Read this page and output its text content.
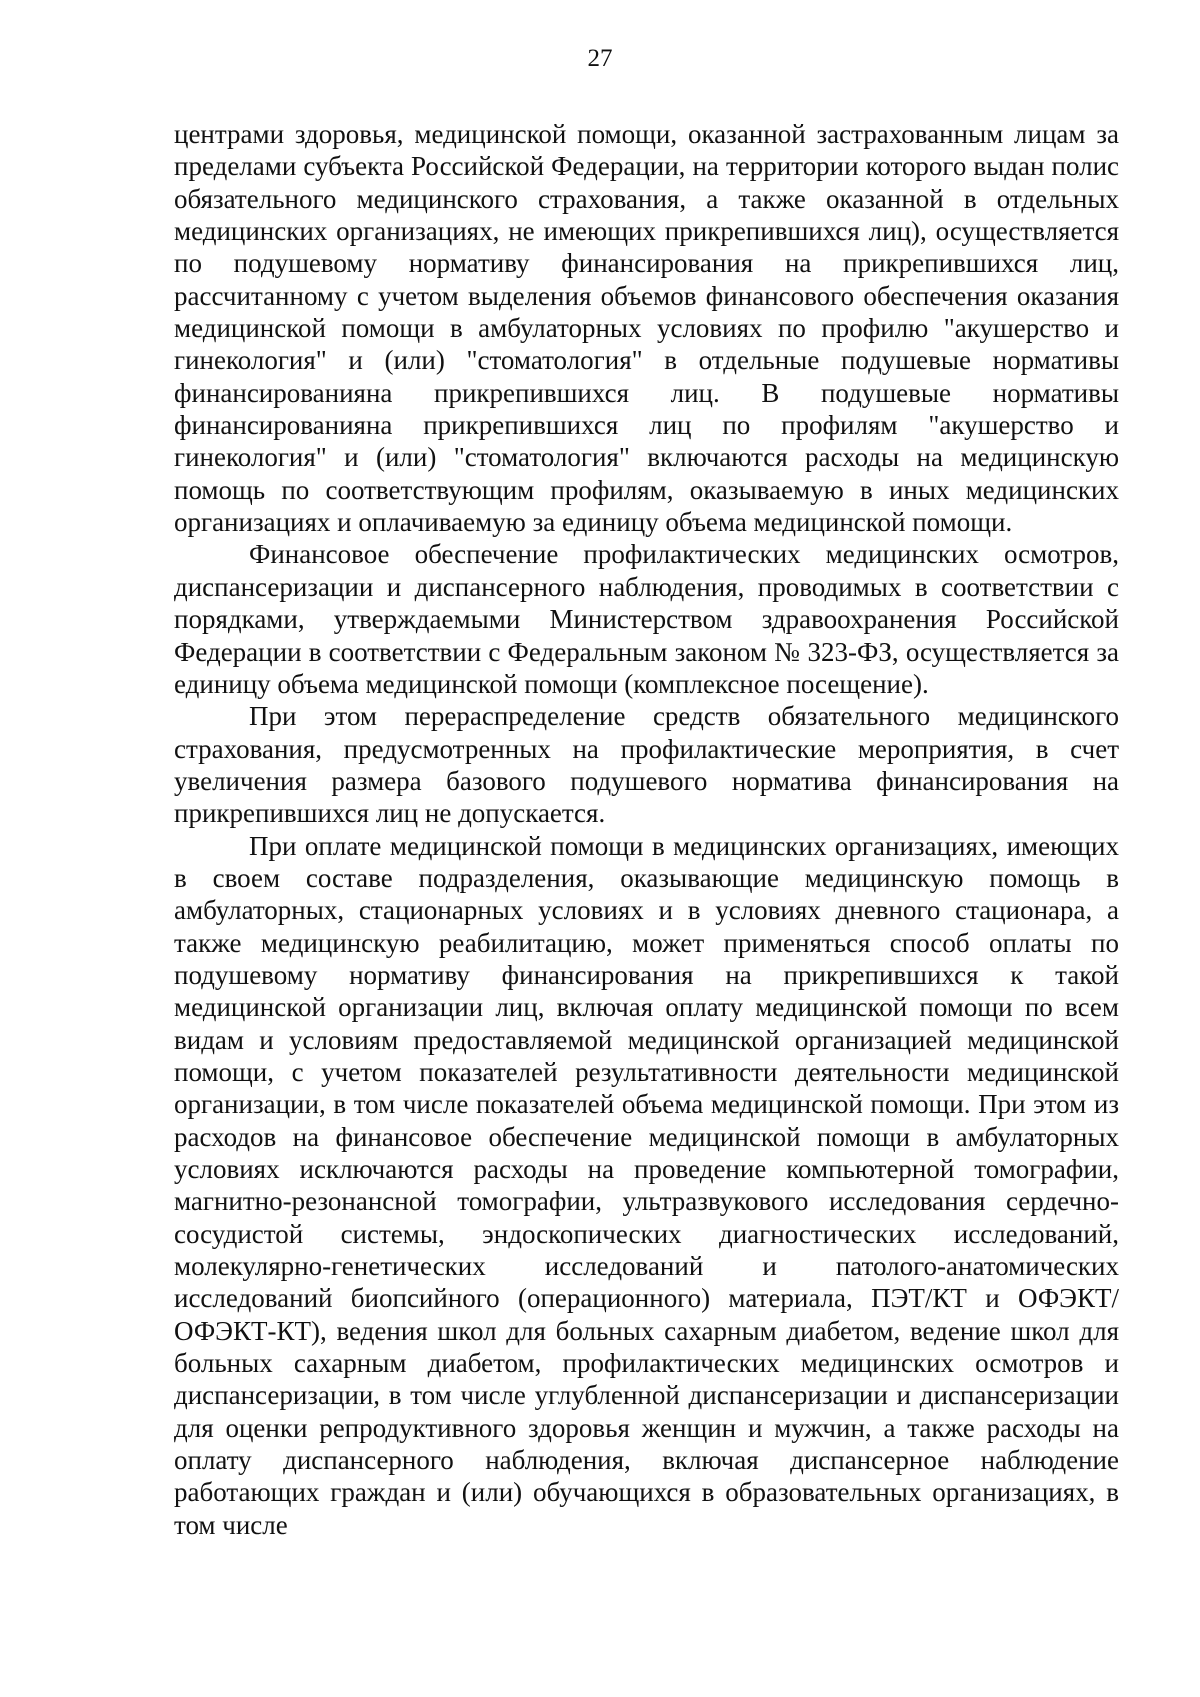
27

центрами здоровья, медицинской помощи, оказанной застрахованным лицам за пределами субъекта Российской Федерации, на территории которого выдан полис обязательного медицинского страхования, а также оказанной в отдельных медицинских организациях, не имеющих прикрепившихся лиц), осуществляется по подушевому нормативу финансирования на прикрепившихся лиц, рассчитанному с учетом выделения объемов финансового обеспечения оказания медицинской помощи в амбулаторных условиях по профилю "акушерство и гинекология" и (или) "стоматология" в отдельные подушевые нормативы финансированияна прикрепившихся лиц. В подушевые нормативы финансированияна прикрепившихся лиц по профилям "акушерство и гинекология" и (или) "стоматология" включаются расходы на медицинскую помощь по соответствующим профилям, оказываемую в иных медицинских организациях и оплачиваемую за единицу объема медицинской помощи.

Финансовое обеспечение профилактических медицинских осмотров, диспансеризации и диспансерного наблюдения, проводимых в соответствии с порядками, утверждаемыми Министерством здравоохранения Российской Федерации в соответствии с Федеральным законом № 323-ФЗ, осуществляется за единицу объема медицинской помощи (комплексное посещение).

При этом перераспределение средств обязательного медицинского страхования, предусмотренных на профилактические мероприятия, в счет увеличения размера базового подушевого норматива финансирования на прикрепившихся лиц не допускается.

При оплате медицинской помощи в медицинских организациях, имеющих в своем составе подразделения, оказывающие медицинскую помощь в амбулаторных, стационарных условиях и в условиях дневного стационара, а также медицинскую реабилитацию, может применяться способ оплаты по подушевому нормативу финансирования на прикрепившихся к такой медицинской организации лиц, включая оплату медицинской помощи по всем видам и условиям предоставляемой медицинской организацией медицинской помощи, с учетом показателей результативности деятельности медицинской организации, в том числе показателей объема медицинской помощи. При этом из расходов на финансовое обеспечение медицинской помощи в амбулаторных условиях исключаются расходы на проведение компьютерной томографии, магнитно-резонансной томографии, ультразвукового исследования сердечно-сосудистой системы, эндоскопических диагностических исследований, молекулярно-генетических исследований и патолого-анатомических исследований биопсийного (операционного) материала, ПЭТ/КТ и ОФЭКТ/ОФЭКТ-КТ), ведения школ для больных сахарным диабетом, ведение школ для больных сахарным диабетом, профилактических медицинских осмотров и диспансеризации, в том числе углубленной диспансеризации и диспансеризации для оценки репродуктивного здоровья женщин и мужчин, а также расходы на оплату диспансерного наблюдения, включая диспансерное наблюдение работающих граждан и (или) обучающихся в образовательных организациях, в том числе
